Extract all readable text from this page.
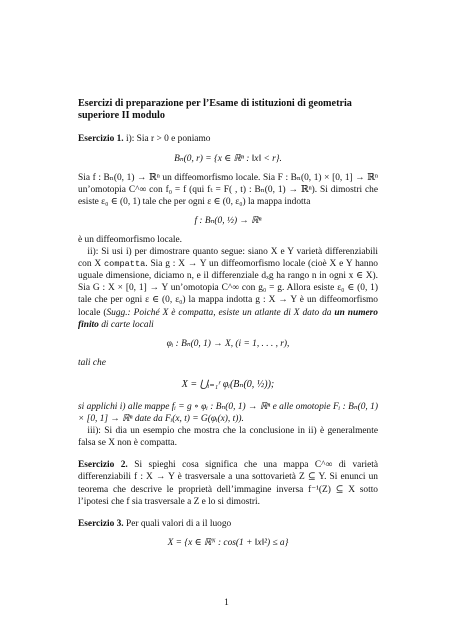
Esercizi di preparazione per l’Esame di istituzioni di geometria superiore II modulo

Esercizio 1. i): Sia r > 0 e poniamo

Bₙ(0, r) = {x ∈ ℝⁿ : ‖x‖ < r}.

Sia f : Bₙ(0, 1) → ℝⁿ un diffeomorfismo locale. Sia F : Bₙ(0, 1) × [0, 1] → ℝⁿ un’omotopia C^∞ con f₀ = f (qui fₜ = F( , t) : Bₙ(0, 1) → ℝⁿ). Si dimostri che esiste ε₀ ∈ (0, 1) tale che per ogni ε ∈ (0, ε₀) la mappa indotta

f : Bₙ(0, ½) → ℝⁿ

è un diffeomorfismo locale.

 ii): Si usi i) per dimostrare quanto segue: siano X e Y varietà differenziabili con X compatta. Sia g : X → Y un diffeomorfismo locale (cioè X e Y hanno uguale dimensione, diciamo n, e il differenziale dₓg ha rango n in ogni x ∈ X). Sia G : X × [0, 1] → Y un’omotopia C^∞ con g₀ = g. Allora esiste ε₀ ∈ (0, 1) tale che per ogni ε ∈ (0, ε₀) la mappa indotta g : X → Y è un diffeomorfismo locale (Sugg.: Poiché X è compatta, esiste un atlante di X dato da un numero finito di carte locali

φᵢ : Bₙ(0, 1) → X, (i = 1, . . . , r),

tali che

X = ⋃ᵢ₌₁ʳ φᵢ(Bₙ(0, ½));

si applichi i) alle mappe fᵢ = g ∘ φᵢ : Bₙ(0, 1) → ℝⁿ e alle omotopie Fᵢ : Bₙ(0, 1) × [0, 1] → ℝⁿ date da Fᵢ(x, t) = G(φᵢ(x), t)).

 iii): Si dia un esempio che mostra che la conclusione in ii) è generalmente falsa se X non è compatta.

Esercizio 2. Si spieghi cosa significa che una mappa C^∞ di varietà differenziabili f : X → Y è trasversale a una sottovarietà Z ⊆ Y. Si enunci un teorema che descrive le proprietà dell’immagine inversa f⁻¹(Z) ⊆ X sotto l’ipotesi che f sia trasversale a Z e lo si dimostri.

Esercizio 3. Per quali valori di a il luogo

X = {x ∈ ℝᴺ : cos(1 + ‖x‖²) ≤ a}

1
